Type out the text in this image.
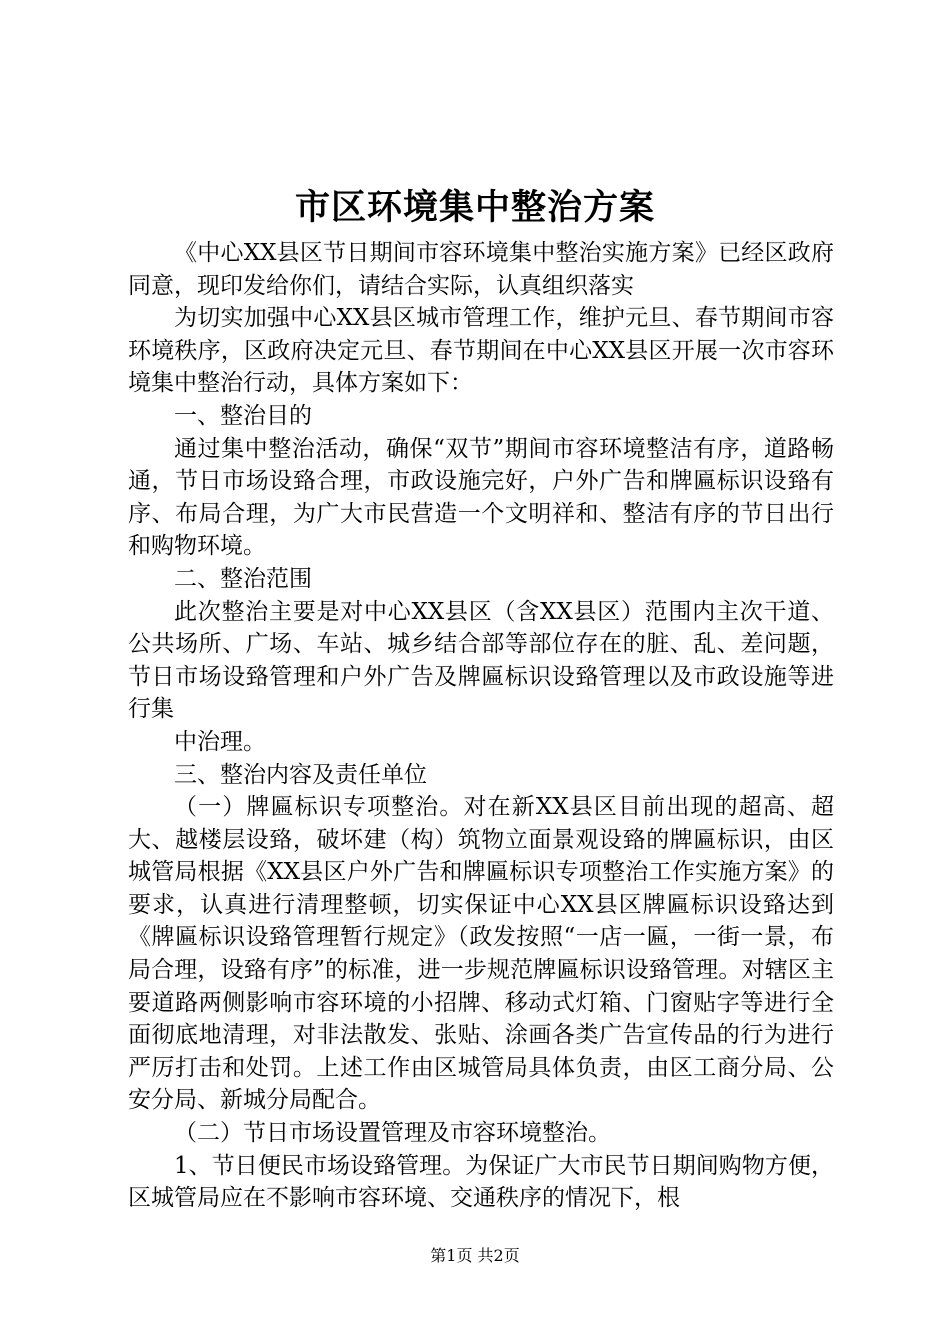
市区环境集中整治方案

《中心XX县区节日期间市容环境集中整治实施方案》已经区政府同意，现印发给你们，请结合实际，认真组织落实

为切实加强中心XX县区城市管理工作，维护元旦、春节期间市容环境秩序，区政府决定元旦、春节期间在中心XX县区开展一次市容环境集中整治行动，具体方案如下：

一、整治目的

通过集中整治活动，确保“双节”期间市容环境整洁有序，道路畅通，节日市场设臵合理，市政设施完好，户外广告和牌匾标识设臵有序、布局合理，为广大市民营造一个文明祥和、整洁有序的节日出行和购物环境。

二、整治范围

此次整治主要是对中心XX县区（含XX县区）范围内主次干道、公共场所、广场、车站、城乡结合部等部位存在的脏、乱、差问题，节日市场设臵管理和户外广告及牌匾标识设臵管理以及市政设施等进行集

中治理。

三、整治内容及责任单位

（一）牌匾标识专项整治。对在新XX县区目前出现的超高、超大、越楼层设臵，破坏建（构）筑物立面景观设臵的牌匾标识，由区城管局根据《XX县区户外广告和牌匾标识专项整治工作实施方案》的要求，认真进行清理整顿，切实保证中心XX县区牌匾标识设臵达到《牌匾标识设臵管理暂行规定》（政发按照“一店一匾，一街一景，布局合理，设臵有序”的标准，进一步规范牌匾标识设臵管理。对辖区主要道路两侧影响市容环境的小招牌、移动式灯箱、门窗贴字等进行全面彻底地清理，对非法散发、张贴、涂画各类广告宣传品的行为进行严厉打击和处罚。上述工作由区城管局具体负责，由区工商分局、公安分局、新城分局配合。

（二）节日市场设置管理及市容环境整治。

1、节日便民市场设臵管理。为保证广大市民节日期间购物方便，区城管局应在不影响市容环境、交通秩序的情况下，根

第1页 共2页
